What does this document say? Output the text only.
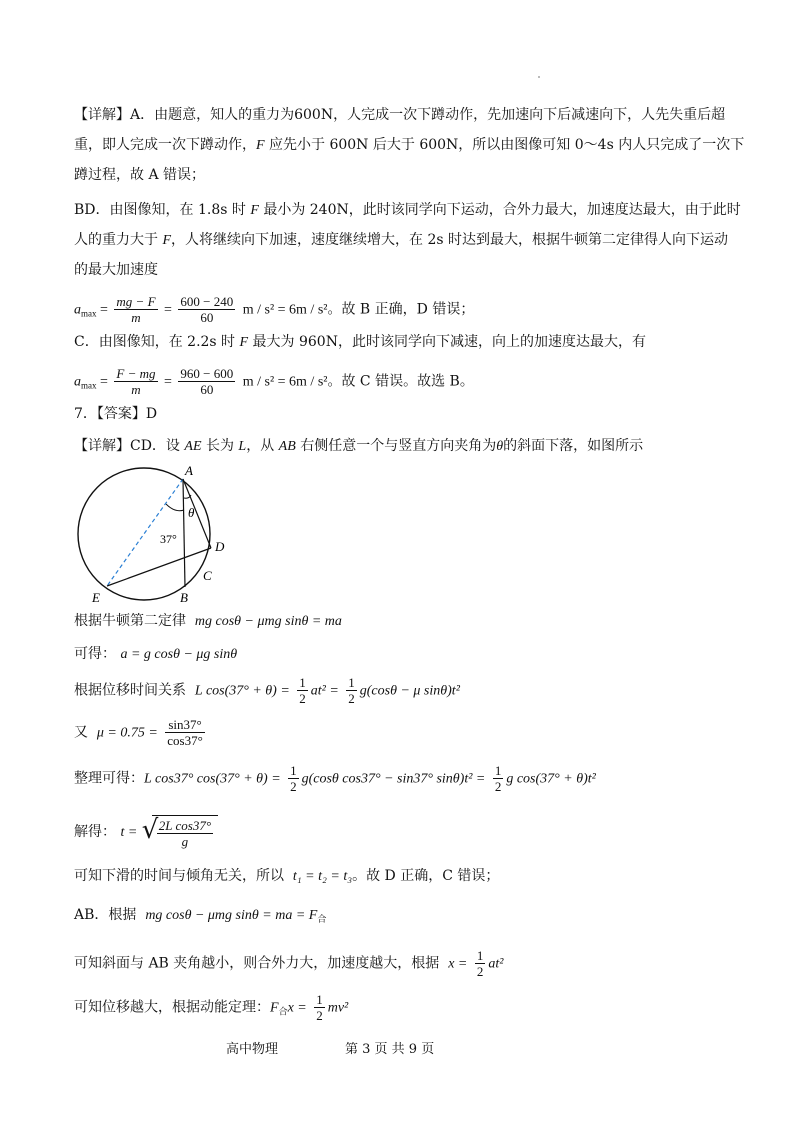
【详解】A．由题意，知人的重力为600N，人完成一次下蹲动作，先加速向下后减速向下，人先失重后超
重，即人完成一次下蹲动作，F 应先小于 600N 后大于 600N，所以由图像可知 0～4s 内人只完成了一次下
蹲过程，故 A 错误；
BD．由图像知，在 1.8s 时 F 最小为 240N，此时该同学向下运动，合外力最大，加速度达最大，由于此时
人的重力大于 F，人将继续向下加速，速度继续增大，在 2s 时达到最大，根据牛顿第二定律得人向下运动
的最大加速度
$a_{max} = \frac{mg - F}{m} = \frac{600 - 240}{60}$ m / s² = 6m / s²。故 B 正确，D 错误；
C．由图像知，在 2.2s 时 F 最大为 960N，此时该同学向下减速，向上的加速度达最大，有
$a_{max} = \frac{F - mg}{m} = \frac{960 - 600}{60}$ m / s² = 6m / s²。故 C 错误。故选 B。
7．【答案】D
【详解】CD．设 AE 长为 L，从 AB 右侧任意一个与竖直方向夹角为θ的斜面下落，如图所示
A
θ
37°	D
C
E	B
根据牛顿第二定律 mg cosθ − μmg sinθ = ma
可得： a = g cosθ − μg sinθ
根据位移时间关系 L $\cos(37^\circ + \theta) = \frac{1}{2} at^2 = \frac{1}{2} g(\cos\theta - \mu$ sinθ)t²
又 $\mu = 0.75 = \frac{\sin 37^\circ}{\cos 37^\circ}$
整理可得：L cos37° $\cos(37^\circ + \theta) = \frac{1}{2} g(\cos\theta$ cos37° − sin37° $\sin\theta)t^2 = \frac{1}{2}$ g cos(37° + θ)t²
解得： t = √
$\frac{\text{2L cos37°}}{g}$
可知下滑的时间与倾角无关，所以 t₁ = t₂ = t₃。故 D 正确，C 错误；
AB．根据 mg cosθ − μmg sinθ = ma = $F_合$
可知斜面与 AB 夹角越小，则合外力大，加速度越大，根据 $x = \frac{1}{2} at^2$
可知位移越大，根据动能定理：$F_合x = \frac{1}{2} mv^2$
高中物理	第 3 页 共 9 页
